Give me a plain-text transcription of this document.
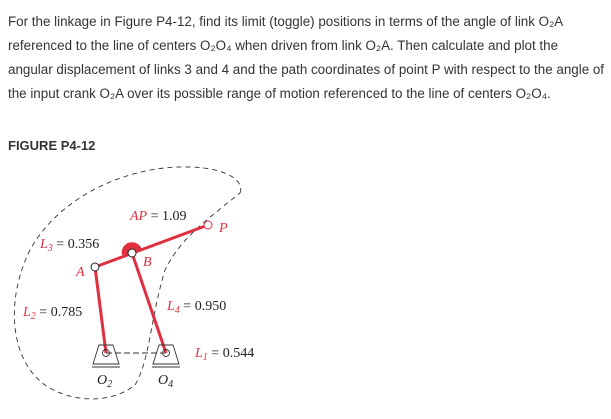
For the linkage in Figure P4-12, find its limit (toggle) positions in terms of the angle of link O₂A referenced to the line of centers O₂O₄ when driven from link O₂A. Then calculate and plot the angular displacement of links 3 and 4 and the path coordinates of point P with respect to the angle of the input crank O₂A over its possible range of motion referenced to the line of centers O₂O₄.
FIGURE P4-12
AP = 1.09
$L_3 = 0.356$
A
B
P
$L_2 = 0.785$	$L_4 = 0.950$
$L_1 = 0.544$
$O_2$	$O_4$
